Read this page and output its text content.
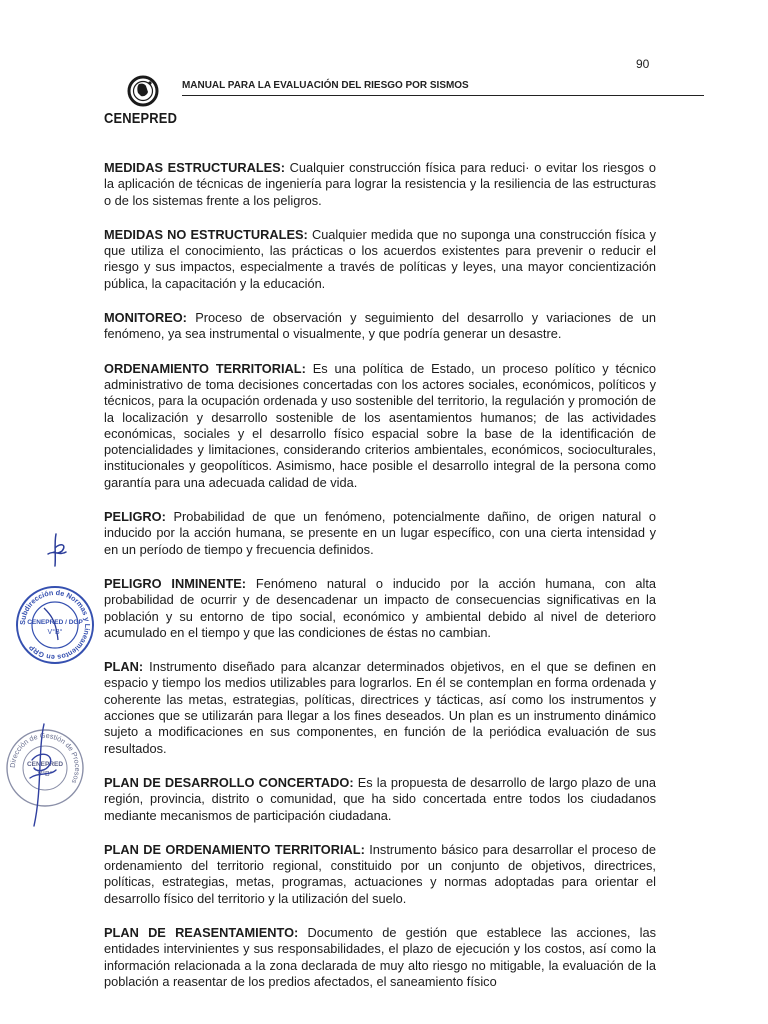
90
CENEPRED
MANUAL PARA LA EVALUACIÓN DEL RIESGO POR SISMOS

MEDIDAS ESTRUCTURALES: Cualquier construcción física para reduci· o evitar los riesgos o la aplicación de técnicas de ingeniería para lograr la resistencia y la resiliencia de las estructuras o de los sistemas frente a los peligros.

MEDIDAS NO ESTRUCTURALES: Cualquier medida que no suponga una construcción física y que utiliza el conocimiento, las prácticas o los acuerdos existentes para prevenir o reducir el riesgo y sus impactos, especialmente a través de políticas y leyes, una mayor concientización pública, la capacitación y la educación.

MONITOREO: Proceso de observación y seguimiento del desarrollo y variaciones de un fenómeno, ya sea instrumental o visualmente, y que podría generar un desastre.

ORDENAMIENTO TERRITORIAL: Es una política de Estado, un proceso político y técnico administrativo de toma decisiones concertadas con los actores sociales, económicos, políticos y técnicos, para la ocupación ordenada y uso sostenible del territorio, la regulación y promoción de la localización y desarrollo sostenible de los asentamientos humanos; de las actividades económicas, sociales y el desarrollo físico espacial sobre la base de la identificación de potencialidades y limitaciones, considerando criterios ambientales, económicos, socioculturales, institucionales y geopolíticos. Asimismo, hace posible el desarrollo integral de la persona como garantía para una adecuada calidad de vida.

PELIGRO: Probabilidad de que un fenómeno, potencialmente dañino, de origen natural o inducido por la acción humana, se presente en un lugar específico, con una cierta intensidad y en un período de tiempo y frecuencia definidos.

PELIGRO INMINENTE: Fenómeno natural o inducido por la acción humana, con alta probabilidad de ocurrir y de desencadenar un impacto de consecuencias significativas en la población y su entorno de tipo social, económico y ambiental debido al nivel de deterioro acumulado en el tiempo y que las condiciones de éstas no cambian.

PLAN: Instrumento diseñado para alcanzar determinados objetivos, en el que se definen en espacio y tiempo los medios utilizables para lograrlos. En él se contemplan en forma ordenada y coherente las metas, estrategias, políticas, directrices y tácticas, así como los instrumentos y acciones que se utilizarán para llegar a los fines deseados. Un plan es un instrumento dinámico sujeto a modificaciones en sus componentes, en función de la periódica evaluación de sus resultados.

PLAN DE DESARROLLO CONCERTADO: Es la propuesta de desarrollo de largo plazo de una región, provincia, distrito o comunidad, que ha sido concertada entre todos los ciudadanos mediante mecanismos de participación ciudadana.

PLAN DE ORDENAMIENTO TERRITORIAL: Instrumento básico para desarrollar el proceso de ordenamiento del territorio regional, constituido por un conjunto de objetivos, directrices, políticas, estrategias, metas, programas, actuaciones y normas adoptadas para orientar el desarrollo físico del territorio y la utilización del suelo.

PLAN DE REASENTAMIENTO: Documento de gestión que establece las acciones, las entidades intervinientes y sus responsabilidades, el plazo de ejecución y los costos, así como la información relacionada a la zona declarada de muy alto riesgo no mitigable, la evaluación de la población a reasentar de los predios afectados, el saneamiento físico

Subdirección de Normas y Lineamientos en GRP
CENEPRED / DGP
V°B°
Dirección de Gestión de Procesos
CENEPRED
V°B°
